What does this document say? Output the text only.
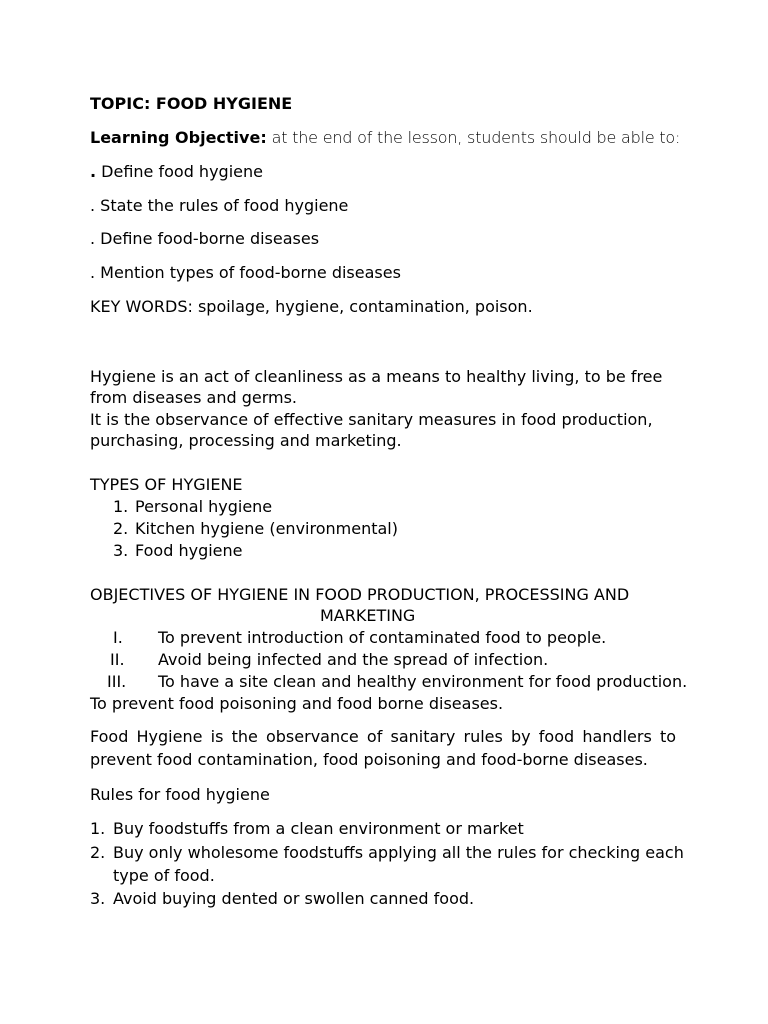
TOPIC: FOOD HYGIENE
Learning Objective: at the end of the lesson, students should be able to:
. Define food hygiene
. State the rules of food hygiene
. Define food-borne diseases
. Mention types of food-borne diseases
KEY WORDS: spoilage, hygiene, contamination, poison.
Hygiene is an act of cleanliness as a means to healthy living, to be free
from diseases and germs.
It is the observance of effective sanitary measures in food production,
purchasing, processing and marketing.
TYPES OF HYGIENE
1. Personal hygiene
2. Kitchen hygiene (environmental)
3. Food hygiene
OBJECTIVES OF HYGIENE IN FOOD PRODUCTION, PROCESSING AND
MARKETING
I. To prevent introduction of contaminated food to people.
II. Avoid being infected and the spread of infection.
III. To have a site clean and healthy environment for food production.
To prevent food poisoning and food borne diseases.
Food Hygiene is the observance of sanitary rules by food handlers to
prevent food contamination, food poisoning and food-borne diseases.
Rules for food hygiene
1. Buy foodstuffs from a clean environment or market
2. Buy only wholesome foodstuffs applying all the rules for checking each
type of food.
3. Avoid buying dented or swollen canned food.
